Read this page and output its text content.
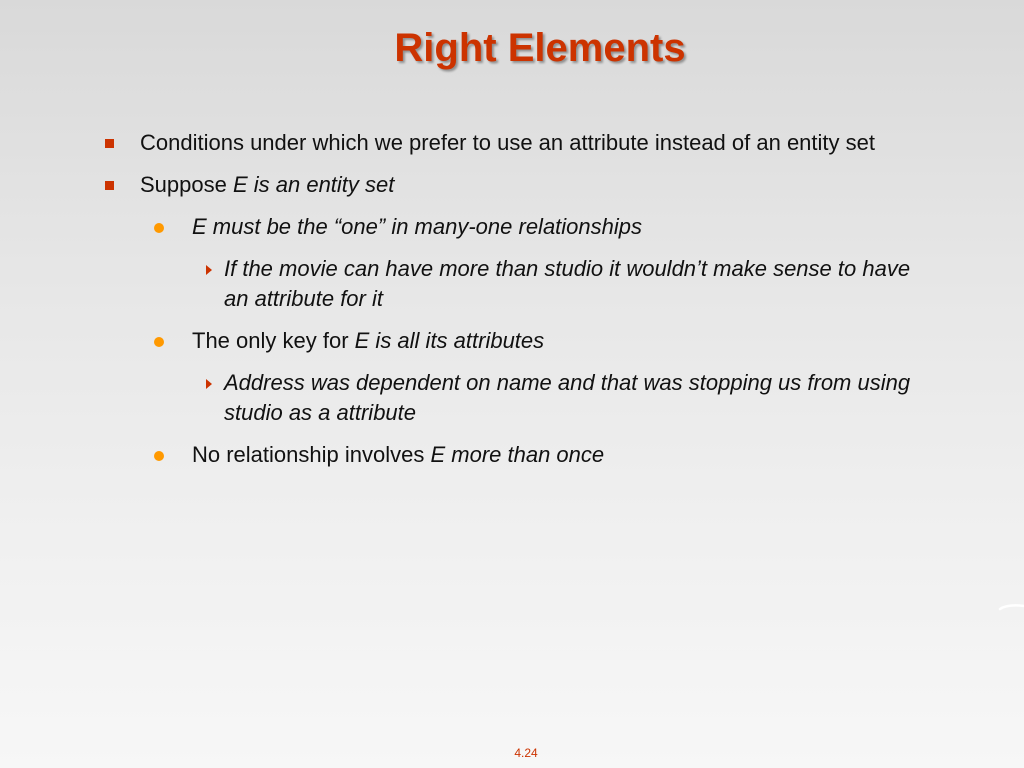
Right Elements
Conditions under which we prefer to use an attribute instead of an entity set
Suppose E is an entity set
E must be the “one” in many-one relationships
If the movie can have more than studio it wouldn’t make sense to have an attribute for it
The only key for E is all its attributes
Address was dependent on name and that was stopping us from using studio as a attribute
No relationship involves E more than once
4.24
